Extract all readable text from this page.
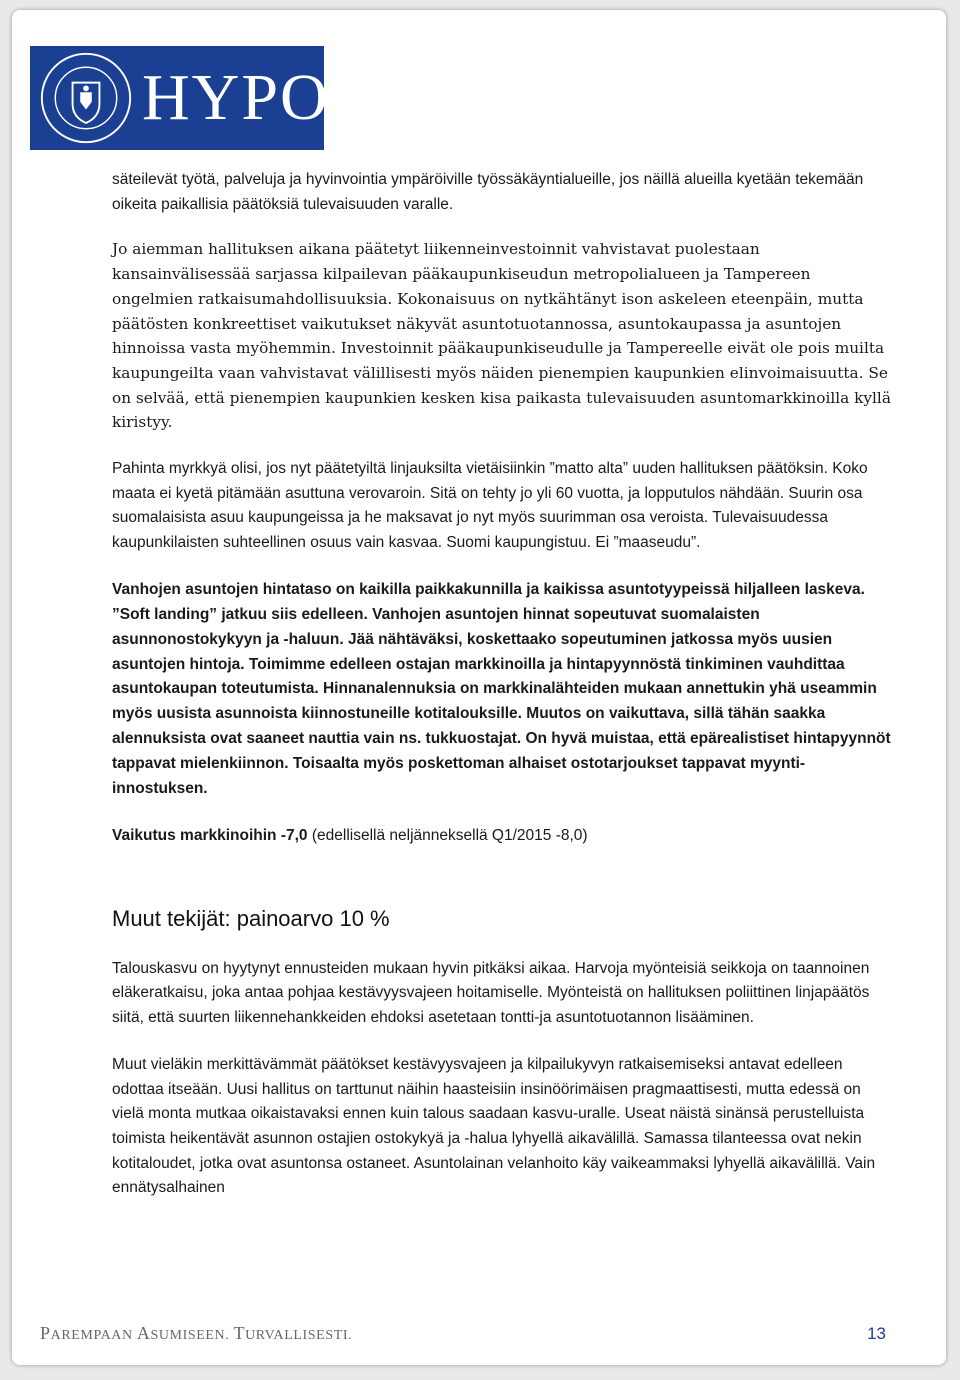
HYPO

säteilevät työtä, palveluja ja hyvinvointia ympäröiville työssäkäyntialueille, jos näillä alueilla kyetään tekemään oikeita paikallisia päätöksiä tulevaisuuden varalle.

Jo aiemman hallituksen aikana päätetyt liikenneinvestoinnit vahvistavat puolestaan kansainvälisessää sarjassa kilpailevan pääkaupunkiseudun metropolialueen ja Tampereen ongelmien ratkaisumahdollisuuksia. Kokonaisuus on nytkähtänyt ison askeleen eteenpäin, mutta päätösten konkreettiset vaikutukset näkyvät asuntotuotannossa, asuntokaupassa ja asuntojen hinnoissa vasta myöhemmin. Investoinnit pääkaupunkiseudulle ja Tampereelle eivät ole pois muilta kaupungeilta vaan vahvistavat välillisesti myös näiden pienempien kaupunkien elinvoimaisuutta. Se on selvää, että pienempien kaupunkien kesken kisa paikasta tulevaisuuden asuntomarkkinoilla kyllä kiristyy.

Pahinta myrkkyä olisi, jos nyt päätetyiltä linjauksilta vietäisiinkin ”matto alta” uuden hallituksen päätöksin. Koko maata ei kyetä pitämään asuttuna verovaroin. Sitä on tehty jo yli 60 vuotta, ja lopputulos nähdään. Suurin osa suomalaisista asuu kaupungeissa ja he maksavat jo nyt myös suurimman osa veroista. Tulevaisuudessa kaupunkilaisten suhteellinen osuus vain kasvaa. Suomi kaupungistuu. Ei ”maaseudu”.

Vanhojen asuntojen hintataso on kaikilla paikkakunnilla ja kaikissa asuntotyypeissä hiljalleen laskeva. ”Soft landing” jatkuu siis edelleen. Vanhojen asuntojen hinnat sopeutuvat suomalaisten asunnonostokykyyn ja -haluun. Jää nähtäväksi, koskettaako sopeutuminen jatkossa myös uusien asuntojen hintoja. Toimimme edelleen ostajan markkinoilla ja hintapyynnöstä tinkiminen vauhdittaa asuntokaupan toteutumista. Hinnanalennuksia on markkinalähteiden mukaan annettukin yhä useammin myös uusista asunnoista kiinnostuneille kotitalouksille. Muutos on vaikuttava, sillä tähän saakka alennuksista ovat saaneet nauttia vain ns. tukkuostajat. On hyvä muistaa, että epärealistiset hintapyynnöt tappavat mielenkiinnon. Toisaalta myös poskettoman alhaiset ostotarjoukset tappavat myynti-innostuksen.

Vaikutus markkinoihin -7,0 (edellisellä neljänneksellä Q1/2015 -8,0)

Muut tekijät: painoarvo 10 %

Talouskasvu on hyytynyt ennusteiden mukaan hyvin pitkäksi aikaa. Harvoja myönteisiä seikkoja on taannoinen eläkeratkaisu, joka antaa pohjaa kestävyysvajeen hoitamiselle. Myönteistä on hallituksen poliittinen linjapäätös siitä, että suurten liikennehankkeiden ehdoksi asetetaan tontti-ja asuntotuotannon lisääminen.

Muut vieläkin merkittävämmät päätökset kestävyysvajeen ja kilpailukyvyn ratkaisemiseksi antavat edelleen odottaa itseään. Uusi hallitus on tarttunut näihin haasteisiin insinöörimäisen pragmaattisesti, mutta edessä on vielä monta mutkaa oikaistavaksi ennen kuin talous saadaan kasvu-uralle. Useat näistä sinänsä perustelluista toimista heikentävät asunnon ostajien ostokykyä ja -halua lyhyellä aikavälillä. Samassa tilanteessa ovat nekin kotitaloudet, jotka ovat asuntonsa ostaneet. Asuntolainan velanhoito käy vaikeammaksi lyhyellä aikavälillä. Vain ennätysalhainen

PAREMPAAN ASUMISEEN. TURVALLISESTI.	13
